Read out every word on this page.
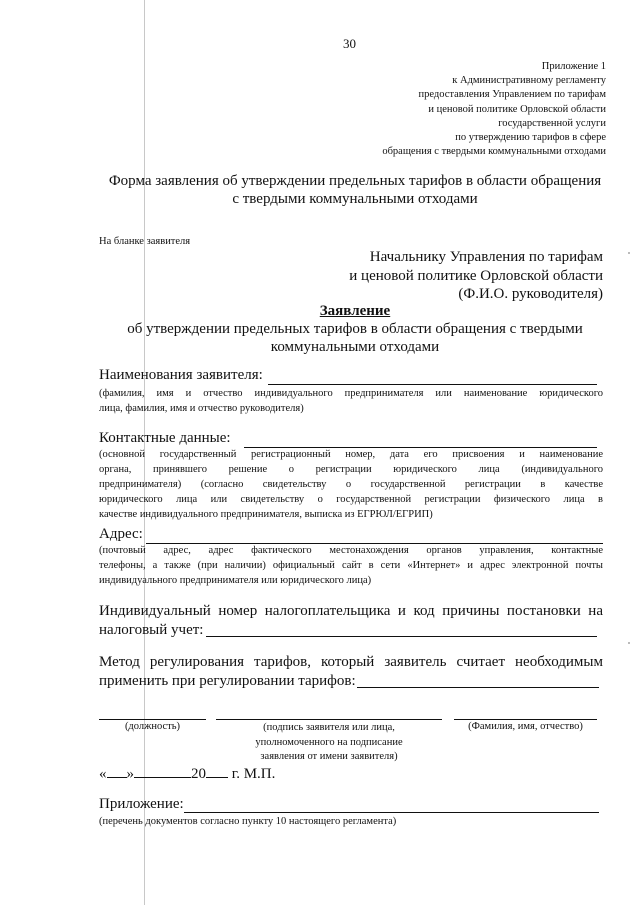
30
Приложение 1
к Административному регламенту
предоставления Управлением по тарифам
и ценовой политике Орловской области
государственной услуги
по утверждению тарифов в сфере
обращения с твердыми коммунальными отходами
Форма заявления об утверждении предельных тарифов в области обращения
с твердыми коммунальными отходами
На бланке заявителя
Начальнику Управления по тарифам
и ценовой политике Орловской области
(Ф.И.О. руководителя)
Заявление
об утверждении предельных тарифов в области обращения с твердыми
коммунальными отходами
Наименования заявителя:
(фамилия, имя и отчество индивидуального предпринимателя или наименование юридического
лица, фамилия, имя и отчество руководителя)
Контактные данные:
(основной государственный регистрационный номер, дата его присвоения и наименование
органа, принявшего решение о регистрации юридического лица (индивидуального
предпринимателя) (согласно свидетельству о государственной регистрации в качестве
юридического лица или свидетельству о государственной регистрации физического лица в
качестве индивидуального предпринимателя, выписка из ЕГРЮЛ/ЕГРИП)
Адрес:
(почтовый адрес, адрес фактического местонахождения органов управления, контактные
телефоны, а также (при наличии) официальный сайт в сети «Интернет» и адрес электронной почты
индивидуального предпринимателя или юридического лица)
Индивидуальный номер налогоплательщика и код причины постановки на
налоговый учет:
Метод регулирования тарифов, который заявитель считает необходимым
применить при регулировании тарифов:
(должность)	(подпись заявителя или лица,
уполномоченного на подписание
заявления от имени заявителя)
(Фамилия, имя, отчество)
« »	20 г. М.П.
Приложение:
(перечень документов согласно пункту 10 настоящего регламента)
